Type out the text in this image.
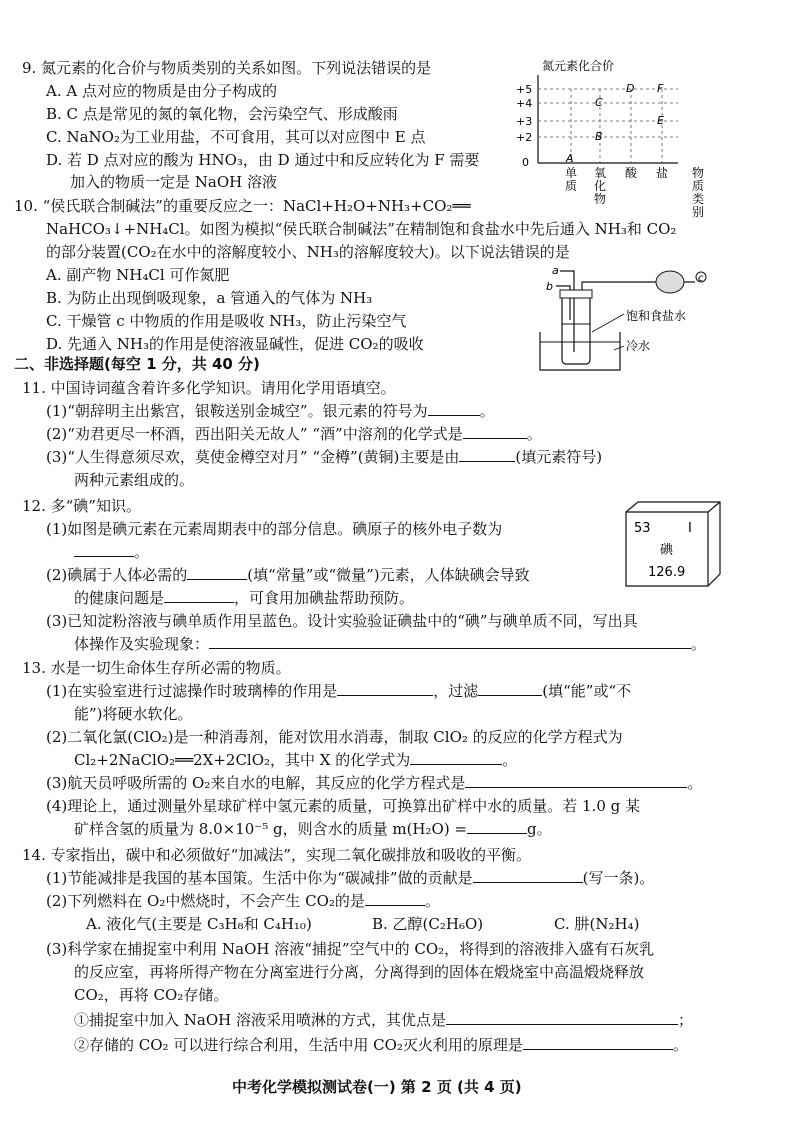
9. 氮元素的化合价与物质类别的关系如图。下列说法错误的是
A. A 点对应的物质是由分子构成的
B. C 点是常见的氮的氧化物，会污染空气、形成酸雨
C. NaNO₂为工业用盐，不可食用，其可以对应图中 E 点
D. 若 D 点对应的酸为 HNO₃，由 D 通过中和反应转化为 F 需要
加入的物质一定是 NaOH 溶液
氮元素化合价
+5
+4
+3
+2
0	A
B
C
D
E
F
单质
氧化物
酸 盐 物质类别
10. “侯氏联合制碱法”的重要反应之一：NaCl+H₂O+NH₃+CO₂══
NaHCO₃↓+NH₄Cl。如图为模拟“侯氏联合制碱法”在精制饱和食盐水中先后通入 NH₃和 CO₂
的部分装置(CO₂在水中的溶解度较小、NH₃的溶解度较大)。以下说法错误的是
A. 副产物 NH₄Cl 可作氮肥
B. 为防止出现倒吸现象，a 管通入的气体为 NH₃
C. 干燥管 c 中物质的作用是吸收 NH₃，防止污染空气
D. 先通入 NH₃的作用是使溶液显碱性，促进 CO₂的吸收
a
b
c
饱和食盐水
冷水
二、非选择题(每空 1 分，共 40 分)
11. 中国诗词蕴含着许多化学知识。请用化学用语填空。
(1)“朝辞明主出紫宫，银鞍送别金城空”。银元素的符号为	。
(2)“劝君更尽一杯酒，西出阳关无故人” “酒”中溶剂的化学式是	。
(3)“人生得意须尽欢，莫使金樽空对月” “金樽”(黄铜)主要是由	(填元素符号)
两种元素组成的。
12. 多“碘”知识。
(1)如图是碘元素在元素周期表中的部分信息。碘原子的核外电子数为
。
(2)碘属于人体必需的	(填“常量”或“微量”)元素，人体缺碘会导致
的健康问题是	，可食用加碘盐帮助预防。
(3)已知淀粉溶液与碘单质作用呈蓝色。设计实验验证碘盐中的“碘”与碘单质不同，写出具
体操作及实验现象：	。
53	I
碘
126.9
13. 水是一切生命体生存所必需的物质。
(1)在实验室进行过滤操作时玻璃棒的作用是	，过滤	(填“能”或“不
能”)将硬水软化。
(2)二氧化氯(ClO₂)是一种消毒剂，能对饮用水消毒，制取 ClO₂ 的反应的化学方程式为
Cl₂+2NaClO₂══2X+2ClO₂，其中 X 的化学式为	。
(3)航天员呼吸所需的 O₂来自水的电解，其反应的化学方程式是	。
(4)理论上，通过测量外星球矿样中氢元素的质量，可换算出矿样中水的质量。若 1.0 g 某
矿样含氢的质量为 8.0×10⁻⁵ g，则含水的质量 m(H₂O) =	g。
14. 专家指出，碳中和必须做好“加减法”，实现二氧化碳排放和吸收的平衡。
(1)节能减排是我国的基本国策。生活中你为“碳减排”做的贡献是	(写一条)。
(2)下列燃料在 O₂中燃烧时，不会产生 CO₂的是	。
A. 液化气(主要是 C₃H₈和 C₄H₁₀)	B. 乙醇(C₂H₆O)	C. 肼(N₂H₄)
(3)科学家在捕捉室中利用 NaOH 溶液“捕捉”空气中的 CO₂，将得到的溶液排入盛有石灰乳
的反应室，再将所得产物在分离室进行分离，分离得到的固体在煅烧室中高温煅烧释放
CO₂，再将 CO₂存储。
①捕捉室中加入 NaOH 溶液采用喷淋的方式，其优点是	；
②存储的 CO₂ 可以进行综合利用，生活中用 CO₂灭火利用的原理是	。
中考化学模拟测试卷(一) 第 2 页 (共 4 页)
